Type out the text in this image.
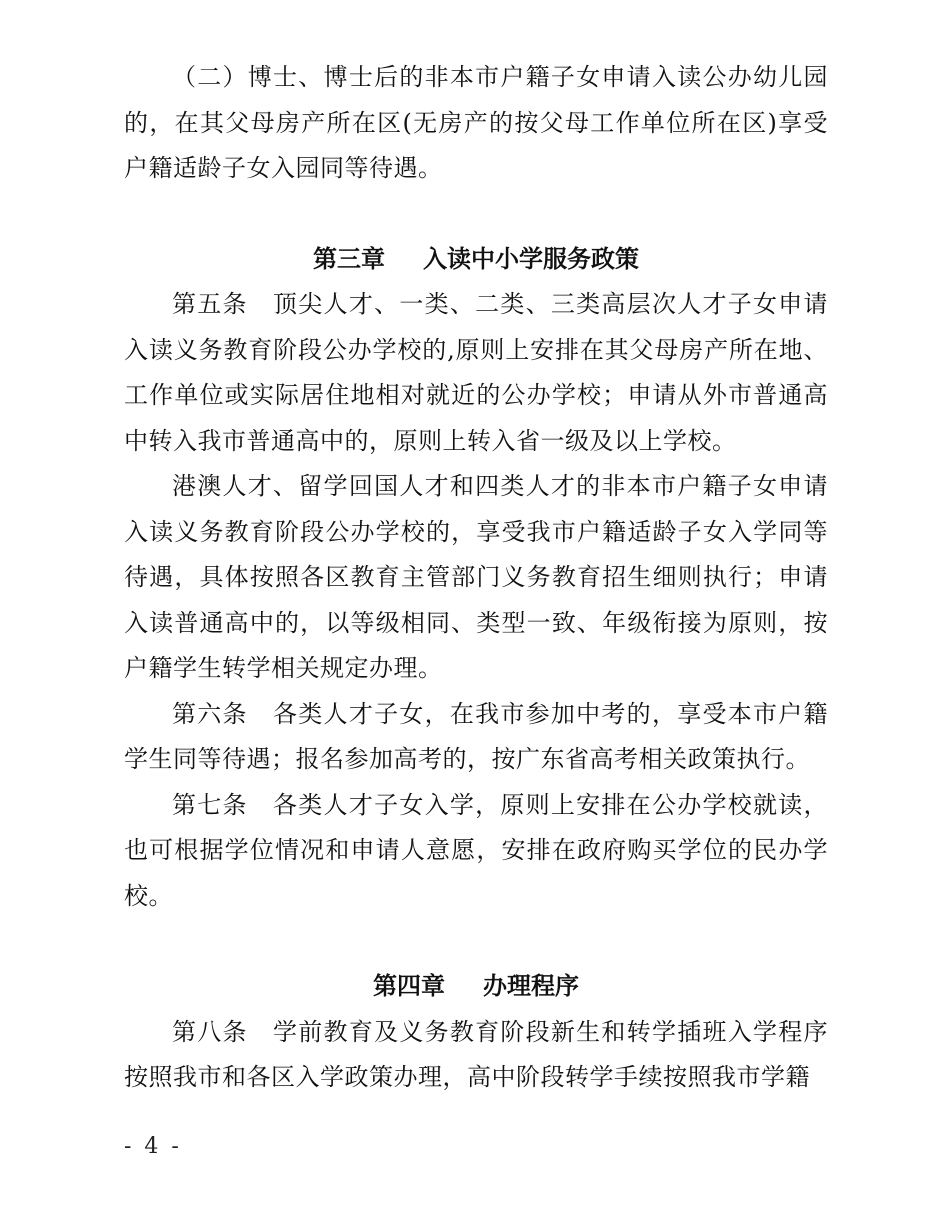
（二）博士、博士后的非本市户籍子女申请入读公办幼儿园的，在其父母房产所在区(无房产的按父母工作单位所在区)享受户籍适龄子女入园同等待遇。

第三章 入读中小学服务政策

第五条　顶尖人才、一类、二类、三类高层次人才子女申请入读义务教育阶段公办学校的,原则上安排在其父母房产所在地、工作单位或实际居住地相对就近的公办学校；申请从外市普通高中转入我市普通高中的，原则上转入省一级及以上学校。

港澳人才、留学回国人才和四类人才的非本市户籍子女申请入读义务教育阶段公办学校的，享受我市户籍适龄子女入学同等待遇，具体按照各区教育主管部门义务教育招生细则执行；申请入读普通高中的，以等级相同、类型一致、年级衔接为原则，按户籍学生转学相关规定办理。

第六条　各类人才子女，在我市参加中考的，享受本市户籍学生同等待遇；报名参加高考的，按广东省高考相关政策执行。

第七条　各类人才子女入学，原则上安排在公办学校就读，也可根据学位情况和申请人意愿，安排在政府购买学位的民办学校。

第四章 办理程序

第八条　学前教育及义务教育阶段新生和转学插班入学程序按照我市和各区入学政策办理，高中阶段转学手续按照我市学籍

- 4 -
